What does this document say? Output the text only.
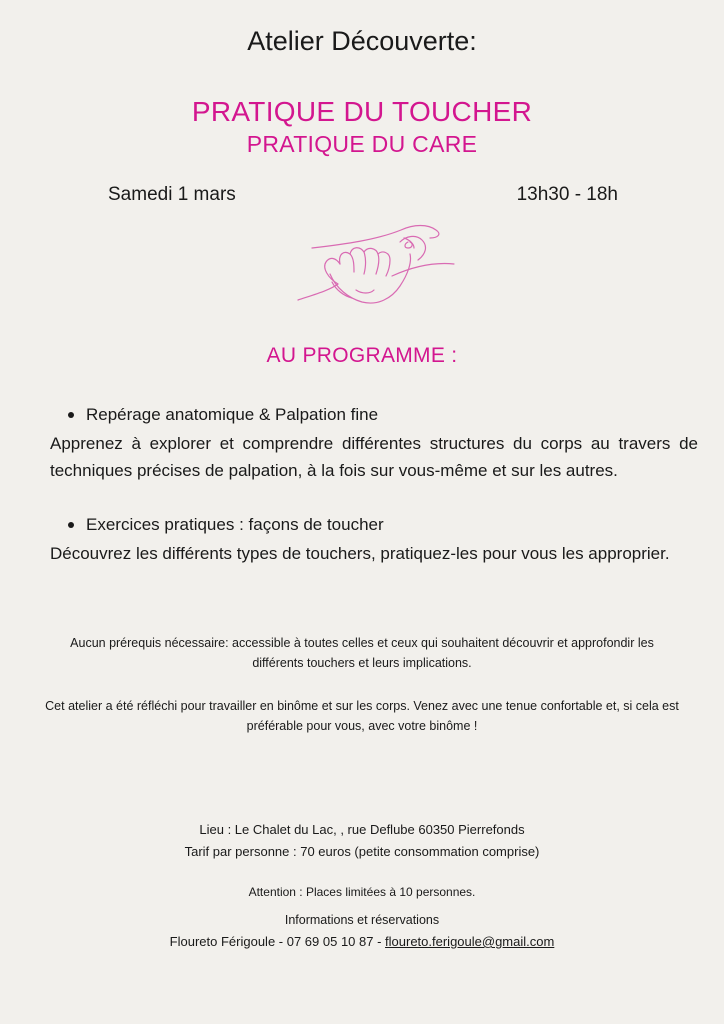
Atelier Découverte:
PRATIQUE DU TOUCHER
PRATIQUE DU CARE
Samedi 1 mars	13h30 - 18h
AU PROGRAMME :
Repérage anatomique & Palpation fine
Apprenez à explorer et comprendre différentes structures du corps au travers de techniques précises de palpation, à la fois sur vous-même et sur les autres.
Exercices pratiques : façons de toucher
Découvrez les différents types de touchers, pratiquez-les pour vous les approprier.
Aucun prérequis nécessaire: accessible à toutes celles et ceux qui souhaitent découvrir et approfondir les différents touchers et leurs implications.
Cet atelier a été réfléchi pour travailler en binôme et sur les corps. Venez avec une tenue confortable et, si cela est préférable pour vous, avec votre binôme !
Lieu : Le Chalet du Lac, , rue Deflube 60350 Pierrefonds
Tarif par personne : 70 euros (petite consommation comprise)
Attention : Places limitées à 10 personnes.
Informations et réservations
Floureto Férigoule - 07 69 05 10 87 - floureto.ferigoule@gmail.com
